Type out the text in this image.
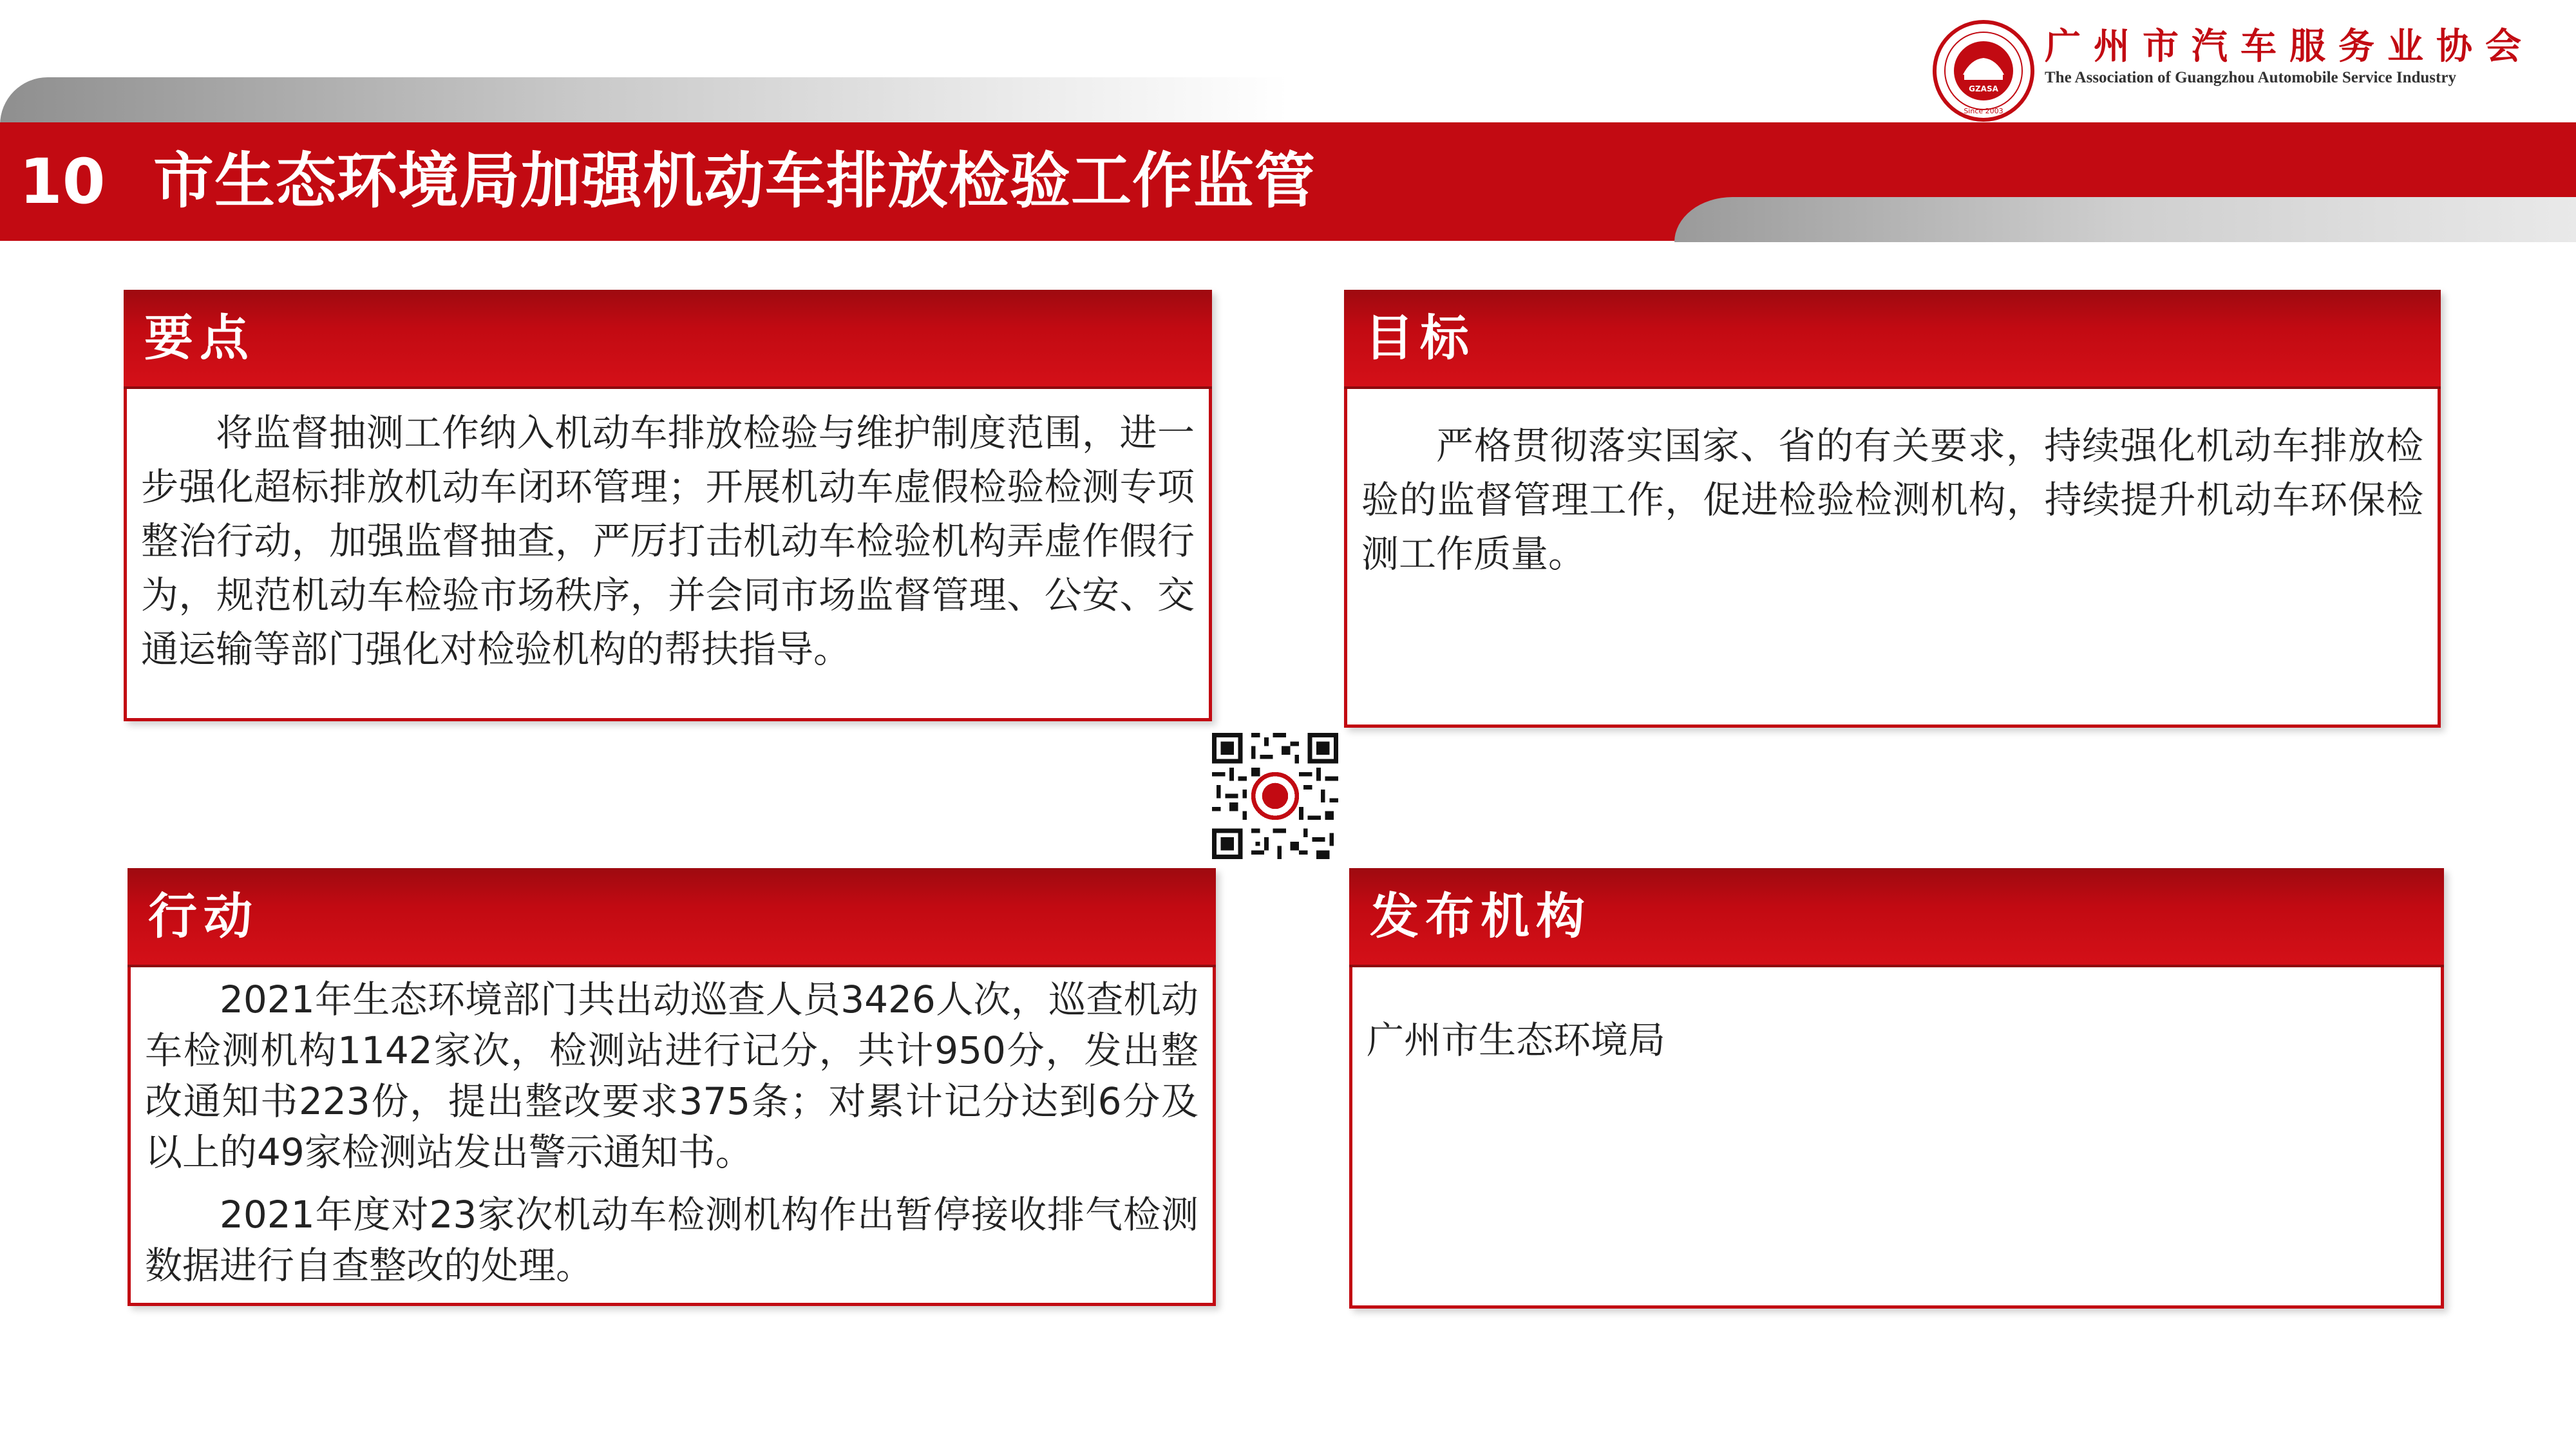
10 市生态环境局加强机动车排放检验工作监管
GZASA
Since 2003
广州市汽车服务业协会
The Association of Guangzhou Automobile Service Industry
要点

将监督抽测工作纳入机动车排放检验与维护制度范围，进一步强化超标排放机动车闭环管理；开展机动车虚假检验检测专项整治行动，加强监督抽查，严厉打击机动车检验机构弄虚作假行为，规范机动车检验市场秩序，并会同市场监督管理、公安、交通运输等部门强化对检验机构的帮扶指导。

目标

严格贯彻落实国家、省的有关要求，持续强化机动车排放检验的监督管理工作，促进检验检测机构，持续提升机动车环保检测工作质量。

行动

2021年生态环境部门共出动巡查人员3426人次，巡查机动车检测机构1142家次，检测站进行记分，共计950分，发出整改通知书223份，提出整改要求375条；对累计记分达到6分及以上的49家检测站发出警示通知书。

2021年度对23家次机动车检测机构作出暂停接收排气检测数据进行自查整改的处理。

发布机构

广州市生态环境局
